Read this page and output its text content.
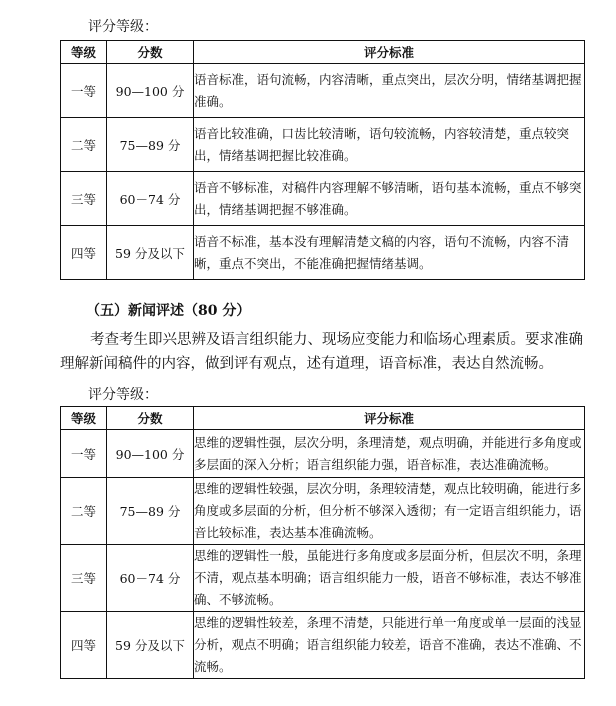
评分等级：
等级	分数	评分标准
一等	90—100 分	语音标准，语句流畅，内容清晰，重点突出，层次分明，情绪基调把握准确。
二等	75—89 分	语音比较准确，口齿比较清晰，语句较流畅，内容较清楚，重点较突出，情绪基调把握比较准确。
三等	60－74 分	语音不够标准，对稿件内容理解不够清晰，语句基本流畅，重点不够突出，情绪基调把握不够准确。
四等	59 分及以下	语音不标准，基本没有理解清楚文稿的内容，语句不流畅，内容不清晰，重点不突出，不能准确把握情绪基调。
（五）新闻评述（80 分）
考查考生即兴思辨及语言组织能力、现场应变能力和临场心理素质。要求准确理解新闻稿件的内容，做到评有观点，述有道理，语音标准，表达自然流畅。
评分等级：
等级	分数	评分标准
一等	90—100 分	思维的逻辑性强，层次分明，条理清楚，观点明确，并能进行多角度或多层面的深入分析；语言组织能力强，语音标准，表达准确流畅。
二等	75—89 分	思维的逻辑性较强，层次分明，条理较清楚，观点比较明确，能进行多角度或多层面的分析，但分析不够深入透彻；有一定语言组织能力，语音比较标准，表达基本准确流畅。
三等	60－74 分	思维的逻辑性一般，虽能进行多角度或多层面分析，但层次不明，条理不清，观点基本明确；语言组织能力一般，语音不够标准，表达不够准确、不够流畅。
四等	59 分及以下	思维的逻辑性较差，条理不清楚，只能进行单一角度或单一层面的浅显分析，观点不明确；语言组织能力较差，语音不准确，表达不准确、不流畅。
